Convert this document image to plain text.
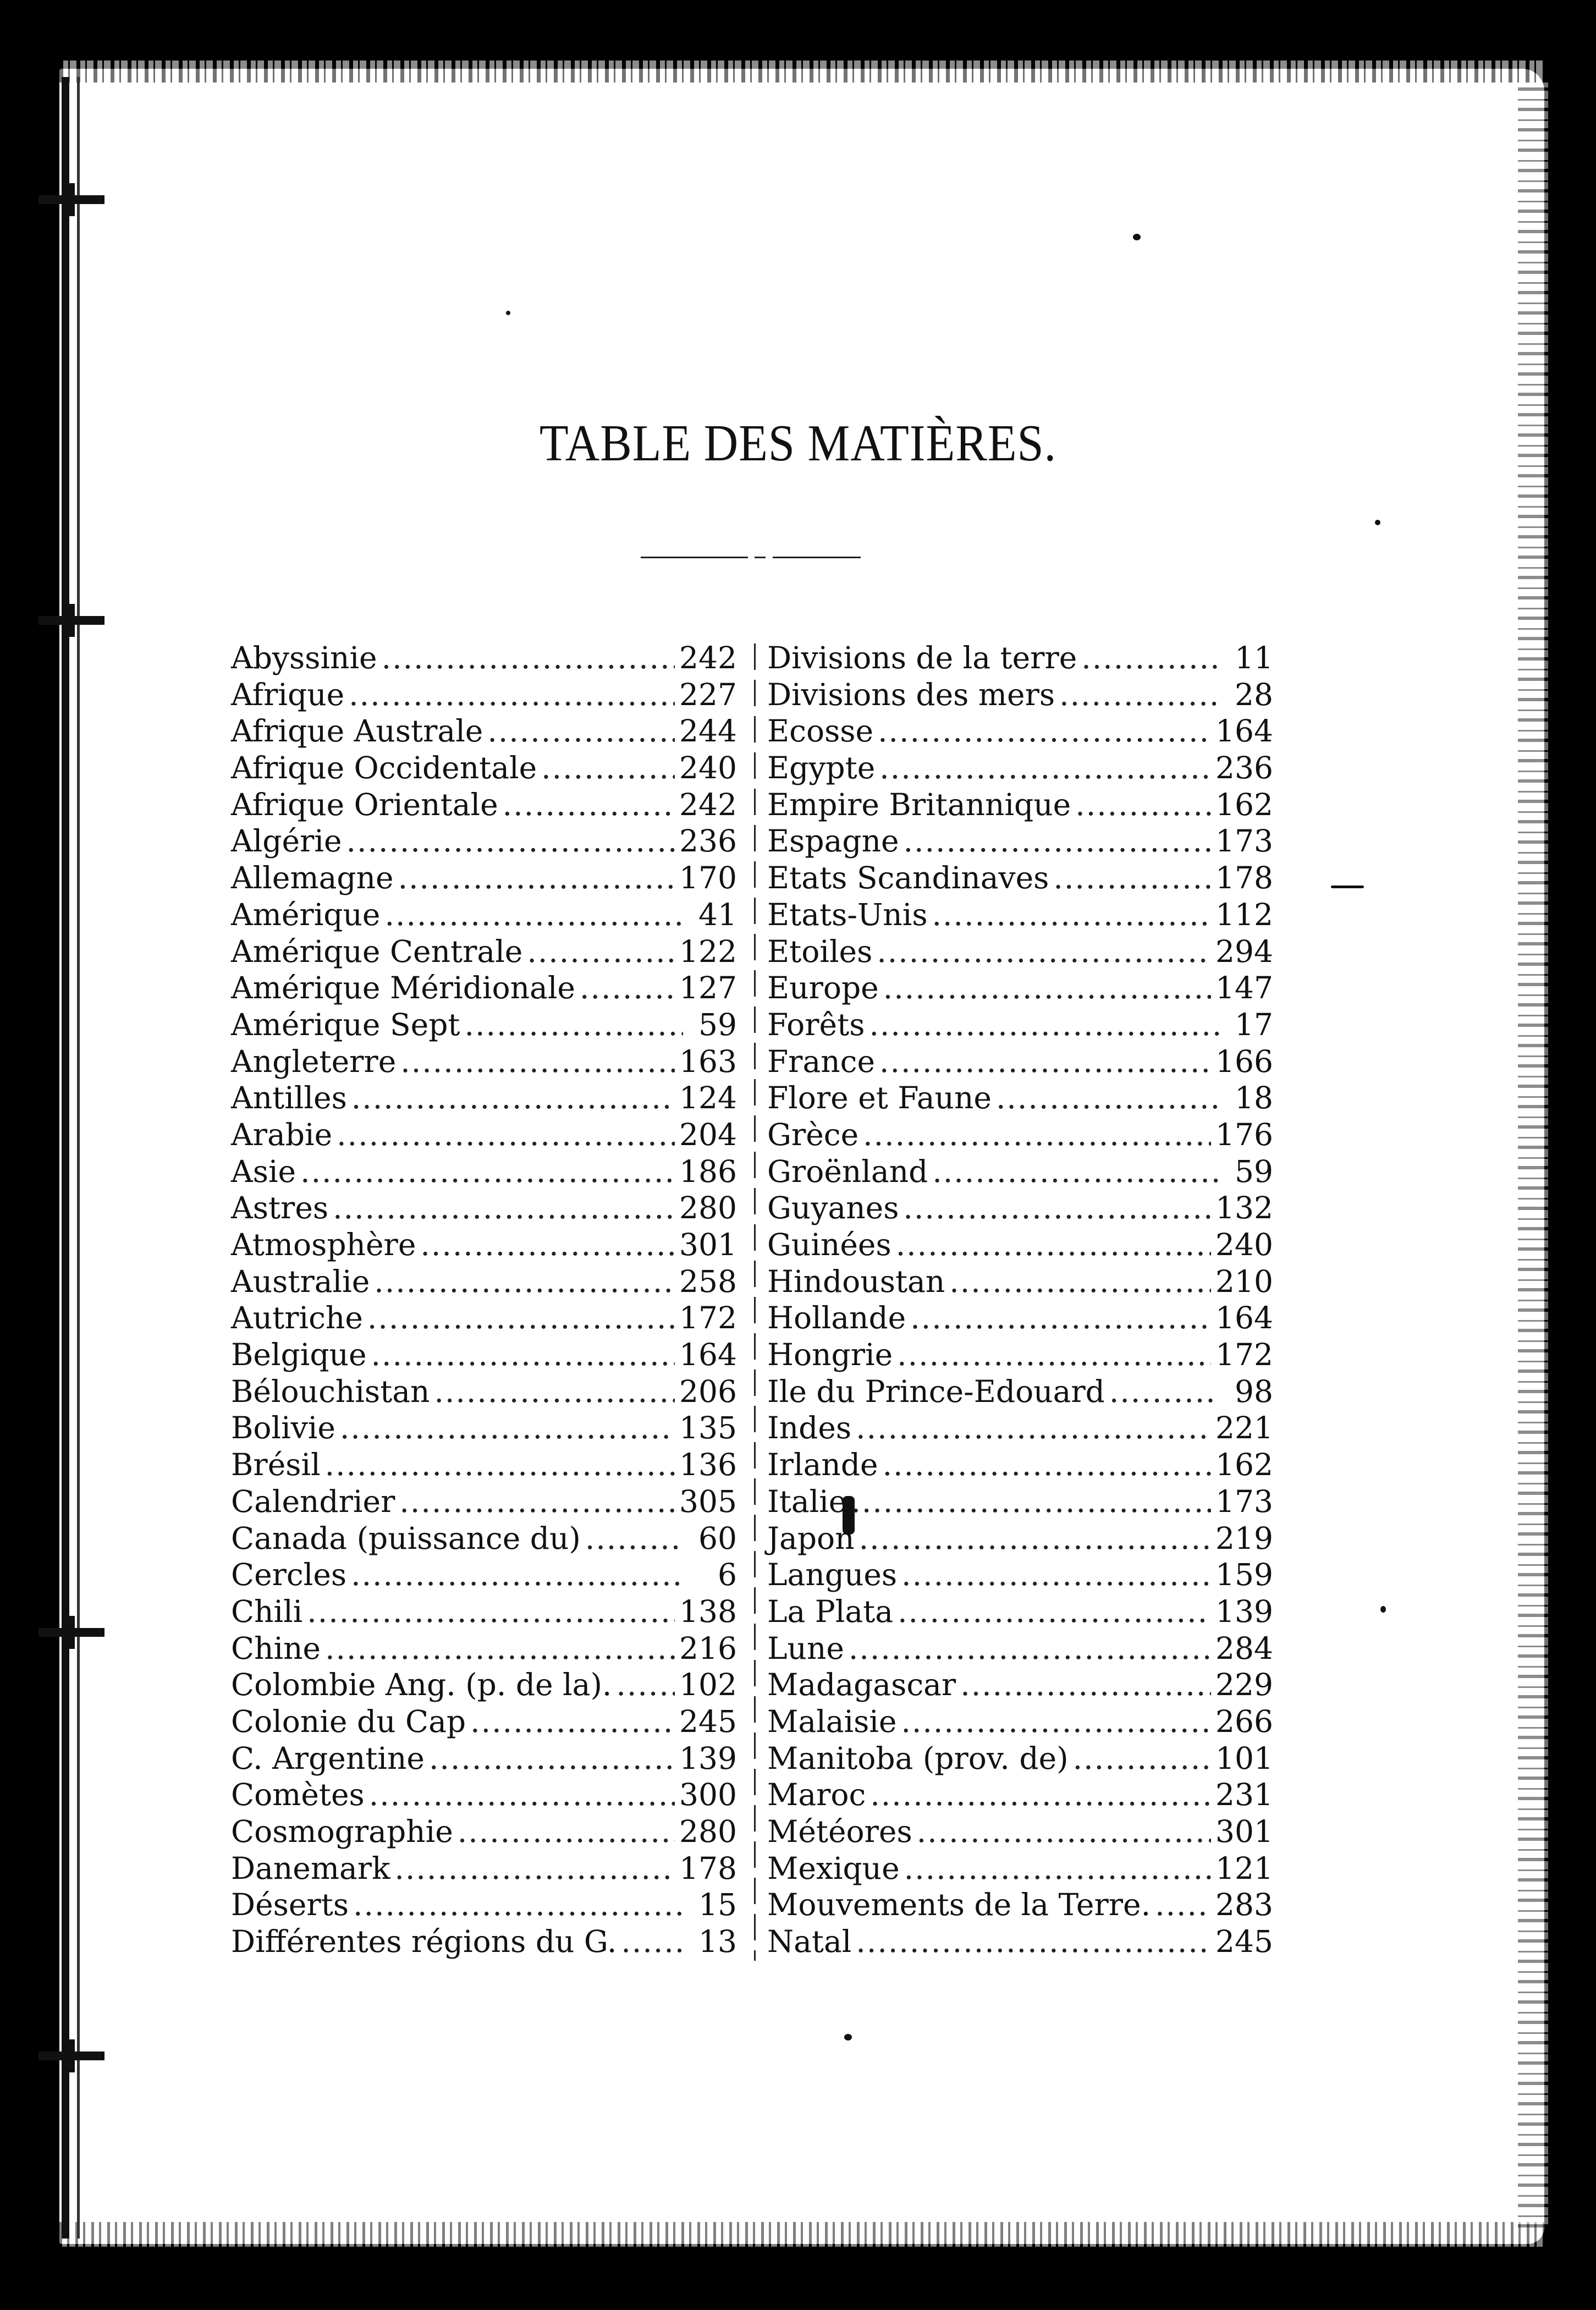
TABLE DES MATIÈRES.
Abyssinie .....	242
Afrique .....	227
Afrique Australe .....	244
Afrique Occidentale .....	240
Afrique Orientale .....	242
Algérie .....	236
Allemagne .....	170
Amérique .....	41
Amérique Centrale .....	122
Amérique Méridionale .....	127
Amérique Sept .....	59
Angleterre .....	163
Antilles .....	124
Arabie .....	204
Asie .....	186
Astres .....	280
Atmosphère .....	301
Australie .....	258
Autriche .....	172
Belgique .....	164
Bélouchistan .....	206
Bolivie .....	135
Brésil .....	136
Calendrier .....	305
Canada (puissance du) .....	60
Cercles .....	6
Chili .....	138
Chine .....	216
Colombie Ang. (p. de la). ..... 102
Colonie du Cap .....	245
C. Argentine .....	139
Comètes .....	300
Cosmographie .....	280
Danemark .....	178
Déserts .....	15
Différentes régions du G. .....	13
Divisions de la terre .....	11
Divisions des mers .....	28
Ecosse .....	164
Egypte .....	236
Empire Britannique .....	162
Espagne .....	173
Etats Scandinaves .....	178
Etats-Unis .....	112
Etoiles .....	294
Europe .....	147
Forêts .....	17
France .....	166
Flore et Faune .....	18
Grèce .....	176
Groënland .....	59
Guyanes .....	132
Guinées .....	240
Hindoustan .....	210
Hollande .....	164
Hongrie .....	172
Ile du Prince-Edouard .....	98
Indes .....	221
Irlande .....	162
Italie .....	173
Japon .....	219
Langues .....	159
La Plata .....	139
Lune .....	284
Madagascar .....	229
Malaisie .....	266
Manitoba (prov. de) .....	101
Maroc .....	231
Météores .....	301
Mexique .....	121
Mouvements de la Terre. ..... 283
Natal .....	245
